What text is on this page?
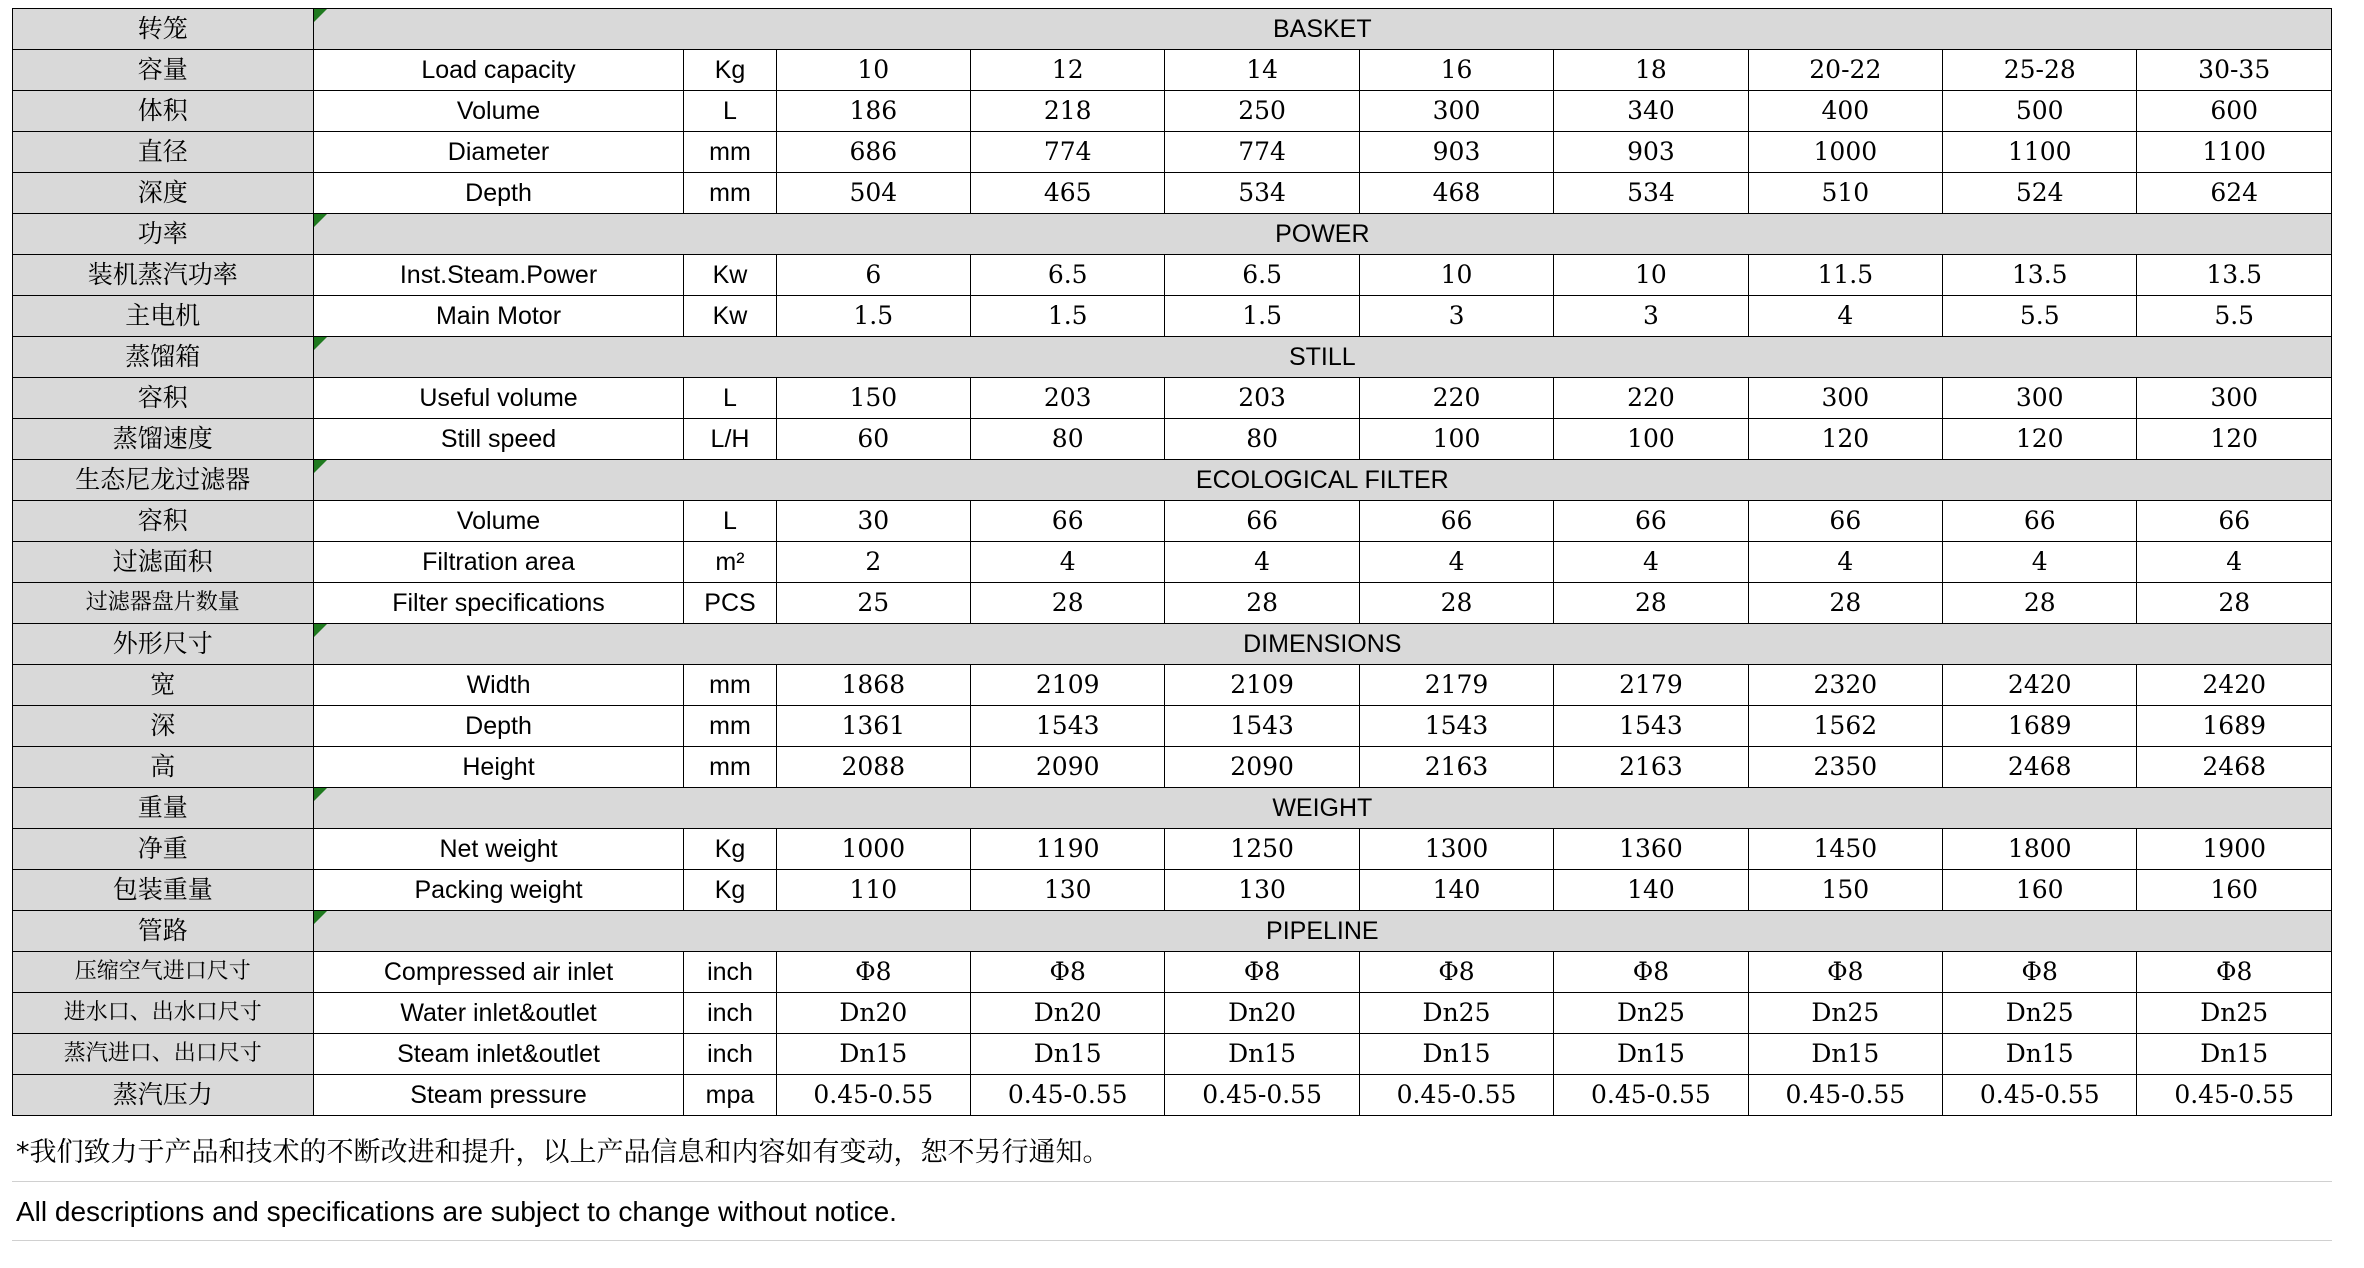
转笼	BASKET									
容量	Load capacity	Kg	10	12	14	16	18	20-22	25-28	30-35
体积	Volume	L	186	218	250	300	340	400	500	600
直径	Diameter	mm	686	774	774	903	903	1000	1100	1100
深度	Depth	mm	504	465	534	468	534	510	524	624
功率	POWER									
装机蒸汽功率	Inst.Steam.Power	Kw	6	6.5	6.5	10	10	11.5	13.5	13.5
主电机	Main Motor	Kw	1.5	1.5	1.5	3	3	4	5.5	5.5
蒸馏箱	STILL									
容积	Useful volume	L	150	203	203	220	220	300	300	300
蒸馏速度	Still speed	L/H	60	80	80	100	100	120	120	120
生态尼龙过滤器	ECOLOGICAL FILTER									
容积	Volume	L	30	66	66	66	66	66	66	66
过滤面积	Filtration area	m²	2	4	4	4	4	4	4	4
过滤器盘片数量	Filter specifications	PCS	25	28	28	28	28	28	28	28
外形尺寸	DIMENSIONS									
宽	Width	mm	1868	2109	2109	2179	2179	2320	2420	2420
深	Depth	mm	1361	1543	1543	1543	1543	1562	1689	1689
高	Height	mm	2088	2090	2090	2163	2163	2350	2468	2468
重量	WEIGHT									
净重	Net weight	Kg	1000	1190	1250	1300	1360	1450	1800	1900
包装重量	Packing weight	Kg	110	130	130	140	140	150	160	160
管路	PIPELINE									
压缩空气进口尺寸	Compressed air inlet	inch	Φ8	Φ8	Φ8	Φ8	Φ8	Φ8	Φ8	Φ8
进水口、出水口尺寸	Water inlet&outlet	inch	Dn20	Dn20	Dn20	Dn25	Dn25	Dn25	Dn25	Dn25
蒸汽进口、出口尺寸	Steam inlet&outlet	inch	Dn15	Dn15	Dn15	Dn15	Dn15	Dn15	Dn15	Dn15
蒸汽压力	Steam pressure	mpa	0.45-0.55	0.45-0.55	0.45-0.55	0.45-0.55	0.45-0.55	0.45-0.55	0.45-0.55	0.45-0.55
*我们致力于产品和技术的不断改进和提升，以上产品信息和内容如有变动，恕不另行通知。
All descriptions and specifications are subject to change without notice.
